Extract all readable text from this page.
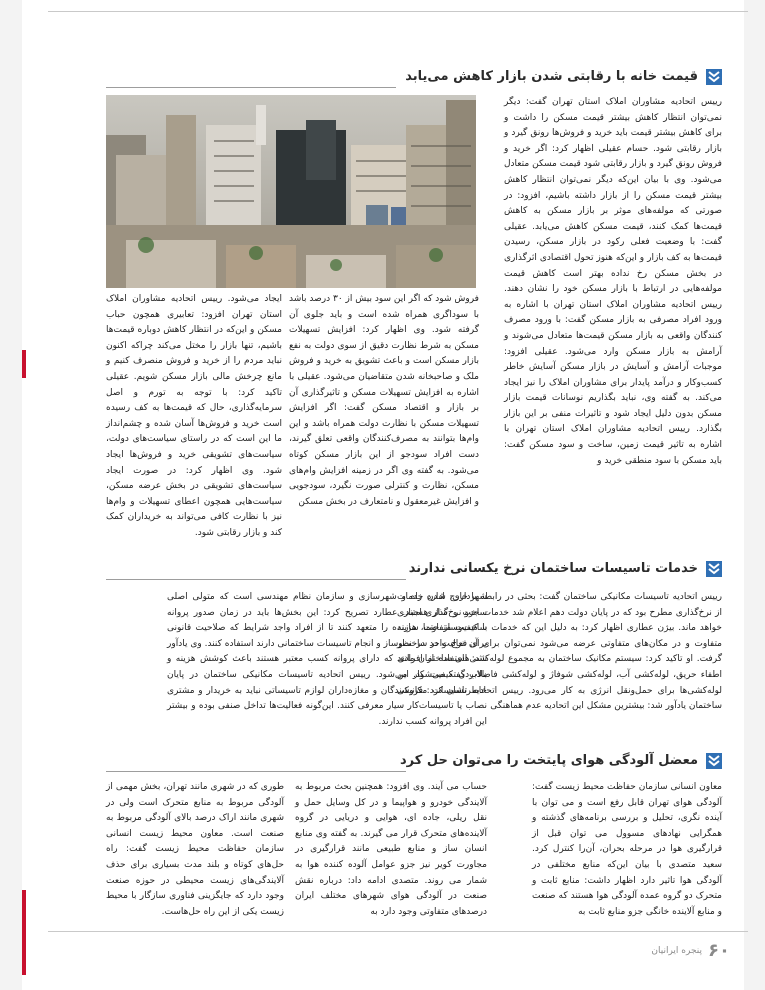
قیمت خانه با رقابتی شدن بازار کاهش می‌یابد

رییس اتحادیه مشاوران املاک استان تهران گفت: دیگر نمی‌توان انتظار کاهش بیشتر قیمت مسکن را داشت و برای کاهش بیشتر قیمت باید خرید و فروش‌ها رونق گیرد و بازار رقابتی شود. حسام عقیلی اظهار کرد: اگر خرید و فروش رونق گیرد و بازار رقابتی شود قیمت مسکن متعادل می‌شود. وی با بیان این‌که دیگر نمی‌توان انتظار کاهش بیشتر قیمت مسکن را از بازار داشته باشیم، افزود: در صورتی که مولفه‌های موثر بر بازار مسکن به کاهش قیمت‌ها کمک کنند، قیمت مسکن کاهش می‌یابد. عقیلی گفت: با وضعیت فعلی رکود در بازار مسکن، رسیدن قیمت‌ها به کف بازار و این‌که هنوز تحول اقتصادی اثرگذاری در بخش مسکن رخ نداده بهتر است کاهش قیمت مولفه‌هایی در ارتباط با بازار مسکن خود را نشان دهند. رییس اتحادیه مشاوران املاک استان تهران با اشاره به ورود افراد مصرفی به بازار مسکن گفت: با ورود مصرف کنندگان واقعی به بازار مسکن قیمت‌ها متعادل می‌شوند و آرامش به بازار مسکن وارد می‌شود. عقیلی افزود: موجبات آرامش و آسایش در بازار مسکن آسایش خاطر کسب‌وکار و درآمد پایدار برای مشاوران املاک را نیز ایجاد می‌کند. به گفته وی، نباید بگذاریم نوسانات قیمت بازار مسکن بدون دلیل ایجاد شود و تاثیرات منفی بر این بازار بگذارد. رییس اتحادیه مشاوران املاک استان تهران با اشاره به تاثیر قیمت زمین، ساخت و سود مسکن گفت: باید مسکن با سود منطقی خرید و

فروش شود که اگر این سود بیش از ۳۰ درصد باشد با سوداگری همراه شده است و باید جلوی آن گرفته شود. وی اظهار کرد: افزایش تسهیلات مسکن به شرط نظارت دقیق از سوی دولت به نفع بازار مسکن است و باعث تشویق به خرید و فروش ملک و صاحبخانه شدن متقاضیان می‌شود. عقیلی با اشاره به افزایش تسهیلات مسکن و تاثیرگذاری آن بر بازار و اقتصاد مسکن گفت: اگر افزایش تسهیلات مسکن با نظارت دولت همراه باشد و این وام‌ها بتوانند به مصرف‌کنندگان واقعی تعلق گیرند، دست افراد سودجو از این بازار مسکن کوتاه می‌شود. به گفته وی اگر در زمینه افزایش وام‌های مسکن، نظارت و کنترلی صورت نگیرد، سودجویی و افزایش غیرمعقول و نامتعارف در بخش مسکن

ایجاد می‌شود. رییس اتحادیه مشاوران املاک استان تهران افزود: تعابیری همچون حباب مسکن و این‌که در انتظار کاهش دوباره قیمت‌ها باشیم، تنها بازار را مختل می‌کند چراکه اکنون نباید مردم را از خرید و فروش منصرف کنیم و مانع چرخش مالی بازار مسکن شویم. عقیلی تاکید کرد: با توجه به تورم و اصل سرمایه‌گذاری، حال که قیمت‌ها به کف رسیده است خرید و فروش‌ها آسان شده و چشم‌انداز ما این است که در راستای سیاست‌های دولت، سیاست‌های تشویقی خرید و فروش‌ها ایجاد شود. وی اظهار کرد: در صورت ایجاد سیاست‌های تشویقی در بخش عرضه مسکن، سیاست‌هایی همچون اعطای تسهیلات و وام‌ها نیز با نظارت کافی می‌تواند به خریداران کمک کند و بازار رقابتی شود.

خدمات تاسیسات ساختمان نرخ یکسانی ندارند

رییس اتحادیه تاسیسات مکانیکی ساختمان گفت: بحثی در رابطه با خارج شدن خدمات از نرخ‌گذاری مطرح بود که در پایان دولت دهم اعلام شد خدمات جزو نرخ‌گذاری اجباری خواهد ماند. بیژن عطاری اظهار کرد: به دلیل این که خدمات با کیفیت متفاوت، هزینه متفاوت و در مکان‌های متفاوتی عرضه می‌شود نمی‌توان برای آن نرخ واحد در نظر گرفت. او تاکید کرد: سیستم مکانیک ساختمان به مجموع لوله‌کشی‌های ساختمان مانند اطفاء حریق، لوله‌کشی آب، لوله‌کشی شوفاژ و لوله‌کشی فاضلاب گفته می‌شود. این لوله‌کشی‌ها برای حمل‌ونقل انرژی به کار می‌رود. رییس اتحادیه تاسیسات مکانیکی ساختمان یادآور شد: بیشترین مشکل این اتحادیه عدم هماهنگی

شهرداری، اداره راه و شهرسازی و سازمان نظام مهندسی است که متولی اصلی ساخت و ساز هستند. عطارد تصریح کرد: این بخش‌ها باید در زمان صدور پروانه ساخت‌وساز حتما سازنده را متعهد کنند تا از افراد واجد شرایط که صلاحیت قانونی برای فعالیت در ساخت‌وساز و انجام تاسیسات ساختمانی دارند استفاده کنند. وی یادآور شد: استفاده از افرادی که دارای پروانه کسب معتبر هستند باعث کوشش هزینه و بالابردن کیفیت کار می‌شود. رییس اتحادیه تاسیسات مکانیکی ساختمان در پایان خاطرنشان کرد: فروشندگان و مغازه‌داران لوازم تاسیساتی نباید به خریدار و مشتری نصاب یا تاسیسات‌کار سیار معرفی کنند. این‌گونه فعالیت‌ها تداخل صنفی بوده و بیشتر این افراد پروانه کسب ندارند.

معضل آلودگی هوای پایتخت را می‌توان حل کرد

معاون انسانی سازمان حفاظت محیط زیست گفت: آلودگی هوای تهران قابل رفع است و می توان با آینده نگری، تحلیل و بررسی برنامه‌های گذشته و همگرایی نهادهای مسوول می توان قبل از قرارگیری هوا در مرحله بحران، آن‌را کنترل کرد. سعید متصدی با بیان این‌که منابع مختلفی در آلودگی هوا تاثیر دارد اظهار داشت: منابع ثابت و متحرک دو گروه عمده آلودگی هوا هستند که صنعت و منابع آلاینده خانگی جزو منابع ثابت به

حساب می آیند. وی افزود: همچنین بحث مربوط به آلایندگی خودرو و هواپیما و در کل وسایل حمل و نقل ریلی، جاده ای، هوایی و دریایی در گروه آلاینده‌های متحرک قرار می گیرند. به گفته وی منابع انسان ساز و منابع طبیعی مانند قرارگیری در مجاورت کویر نیز جزو عوامل آلوده کننده هوا به شمار می روند. متصدی ادامه داد: درباره نقش صنعت در آلودگی هوای شهرهای مختلف ایران درصدهای متفاوتی وجود دارد به

طوری که در شهری مانند تهران، بخش مهمی از آلودگی مربوط به منابع متحرک است ولی در شهری مانند اراک درصد بالای آلودگی مربوط به صنعت است. معاون محیط زیست انسانی سازمان حفاظت محیط زیست گفت: راه حل‌های کوتاه و بلند مدت بسیاری برای حذف آلایندگی‌های زیست محیطی در حوزه صنعت وجود دارد که جایگزینی فناوری سازگار با محیط زیست یکی از این راه حل‌هاست.

۶۰
پنجره ایرانیان
